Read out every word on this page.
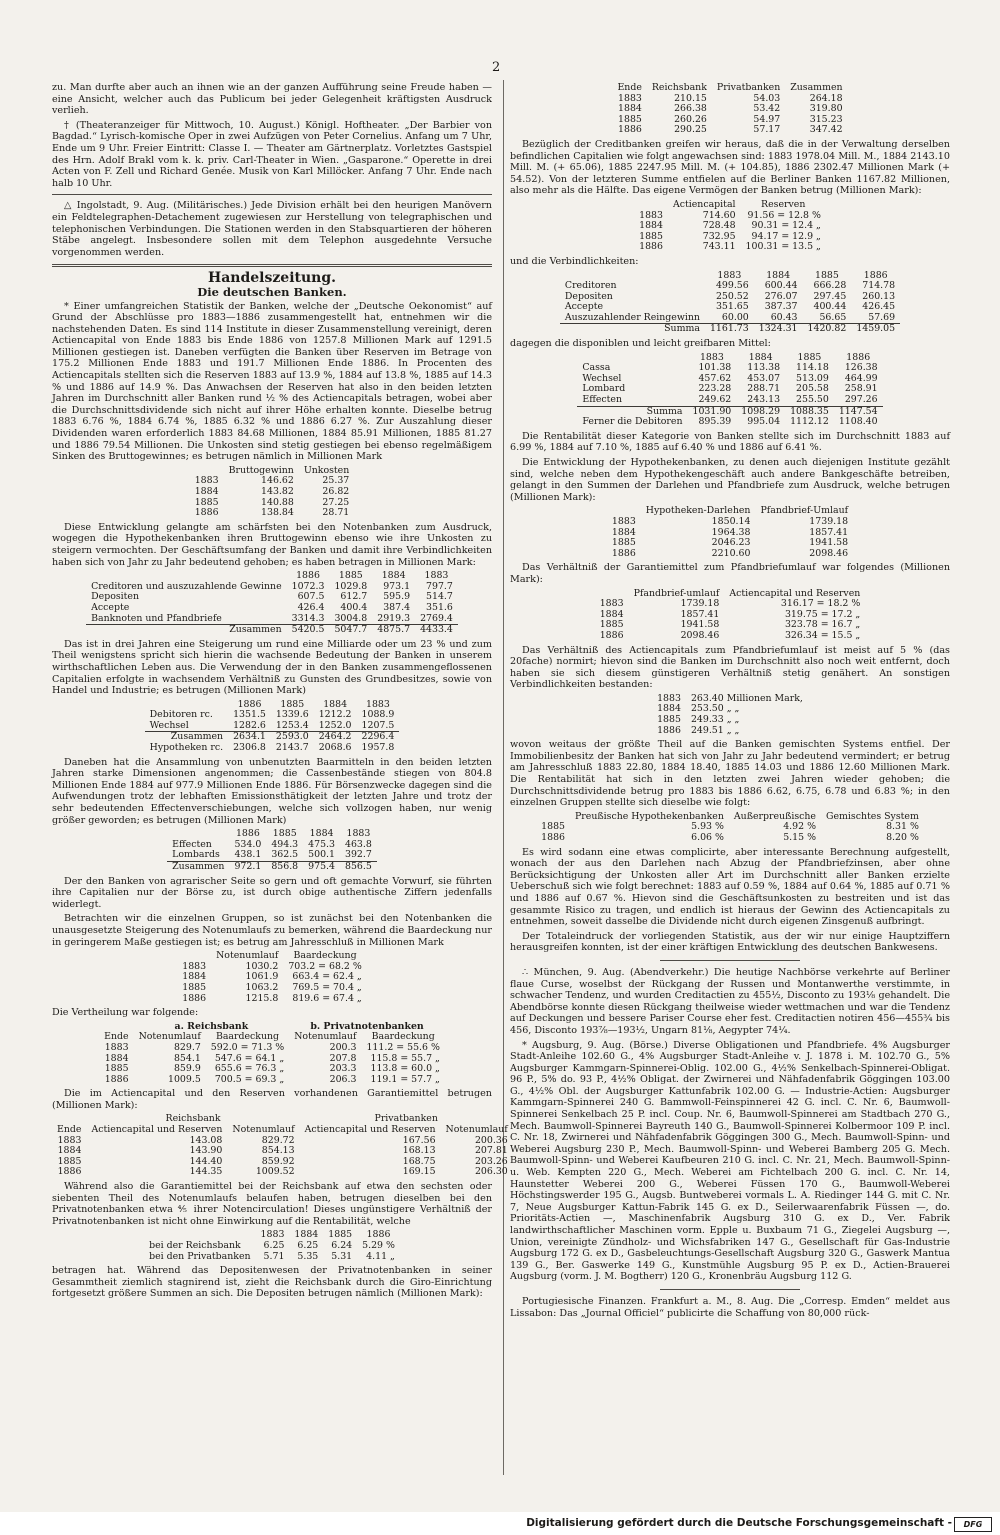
2

zu. Man durfte aber auch an ihnen wie an der ganzen Aufführung seine Freude haben — eine Ansicht, welcher auch das Publicum bei jeder Gelegenheit kräftigsten Ausdruck verlieh.

† (Theateranzeiger für Mittwoch, 10. August.) Königl. Hoftheater. „Der Barbier von Bagdad.“ Lyrisch-komische Oper in zwei Aufzügen von Peter Cornelius. Anfang um 7 Uhr, Ende um 9 Uhr. Freier Eintritt: Classe I. — Theater am Gärtnerplatz. Vorletztes Gastspiel des Hrn. Adolf Brakl vom k. k. priv. Carl-Theater in Wien. „Gasparone.“ Operette in drei Acten von F. Zell und Richard Genée. Musik von Karl Millöcker. Anfang 7 Uhr. Ende nach halb 10 Uhr.

△ Ingolstadt, 9. Aug. (Militärisches.) Jede Division erhält bei den heurigen Manövern ein Feldtelegraphen-Detachement zugewiesen zur Herstellung von telegraphischen und telephonischen Verbindungen. Die Stationen werden in den Stabsquartieren der höheren Stäbe angelegt. Insbesondere sollen mit dem Telephon ausgedehnte Versuche vorgenommen werden.

Handelszeitung.
Die deutschen Banken.

* Einer umfangreichen Statistik der Banken, welche der „Deutsche Oekonomist“ auf Grund der Abschlüsse pro 1883—1886 zusammengestellt hat, entnehmen wir die nachstehenden Daten. Es sind 114 Institute in dieser Zusammenstellung vereinigt, deren Actiencapital von Ende 1883 bis Ende 1886 von 1257.8 Millionen Mark auf 1291.5 Millionen gestiegen ist. Daneben verfügten die Banken über Reserven im Betrage von 175.2 Millionen Ende 1883 und 191.7 Millionen Ende 1886. In Procenten des Actiencapitals stellten sich die Reserven 1883 auf 13.9 %, 1884 auf 13.8 %, 1885 auf 14.3 % und 1886 auf 14.9 %. Das Anwachsen der Reserven hat also in den beiden letzten Jahren im Durchschnitt aller Banken rund ½ % des Actiencapitals betragen, wobei aber die Durchschnittsdividende sich nicht auf ihrer Höhe erhalten konnte. Dieselbe betrug 1883 6.76 %, 1884 6.74 %, 1885 6.32 % und 1886 6.27 %. Zur Auszahlung dieser Dividenden waren erforderlich 1883 84.68 Millionen, 1884 85.91 Millionen, 1885 81.27 und 1886 79.54 Millionen. Die Unkosten sind stetig gestiegen bei ebenso regelmäßigem Sinken des Bruttogewinnes; es betrugen nämlich in Millionen Mark

	Bruttogewinn	Unkosten
1883	146.62	25.37
1884	143.82	26.82
1885	140.88	27.25
1886	138.84	28.71

Diese Entwicklung gelangte am schärfsten bei den Notenbanken zum Ausdruck, wogegen die Hypothekenbanken ihren Bruttogewinn ebenso wie ihre Unkosten zu steigern vermochten. Der Geschäftsumfang der Banken und damit ihre Verbindlichkeiten haben sich von Jahr zu Jahr bedeutend gehoben; es haben betragen in Millionen Mark:

	1886	1885	1884	1883
Creditoren und auszuzahlende Gewinne	1072.3	1029.8	973.1	797.7
Depositen	607.5	612.7	595.9	514.7
Accepte	426.4	400.4	387.4	351.6
Banknoten und Pfandbriefe	3314.3	3004.8	2919.3	2769.4
Zusammen	5420.5	5047.7	4875.7	4433.4

Das ist in drei Jahren eine Steigerung um rund eine Milliarde oder um 23 % und zum Theil wenigstens spricht sich hierin die wachsende Bedeutung der Banken in unserem wirthschaftlichen Leben aus. Die Verwendung der in den Banken zusammengeflossenen Capitalien erfolgte in wachsendem Verhältniß zu Gunsten des Grundbesitzes, sowie von Handel und Industrie; es betrugen (Millionen Mark)

	1886	1885	1884	1883
Debitoren rc.	1351.5	1339.6	1212.2	1088.9
Wechsel	1282.6	1253.4	1252.0	1207.5
Zusammen	2634.1	2593.0	2464.2	2296.4
Hypotheken rc.	2306.8	2143.7	2068.6	1957.8

Daneben hat die Ansammlung von unbenutzten Baarmitteln in den beiden letzten Jahren starke Dimensionen angenommen; die Cassenbestände stiegen von 804.8 Millionen Ende 1884 auf 977.9 Millionen Ende 1886. Für Börsenzwecke dagegen sind die Aufwendungen trotz der lebhaften Emissionsthätigkeit der letzten Jahre und trotz der sehr bedeutenden Effectenverschiebungen, welche sich vollzogen haben, nur wenig größer geworden; es betrugen (Millionen Mark)

	1886	1885	1884	1883
Effecten	534.0	494.3	475.3	463.8
Lombards	438.1	362.5	500.1	392.7
Zusammen	972.1	856.8	975.4	856.5

Der den Banken von agrarischer Seite so gern und oft gemachte Vorwurf, sie führten ihre Capitalien nur der Börse zu, ist durch obige authentische Ziffern jedenfalls widerlegt.

Betrachten wir die einzelnen Gruppen, so ist zunächst bei den Notenbanken die unausgesetzte Steigerung des Notenumlaufs zu bemerken, während die Baardeckung nur in geringerem Maße gestiegen ist; es betrug am Jahresschluß in Millionen Mark

	Notenumlauf	Baardeckung
1883	1030.2	703.2 = 68.2 %
1884	1061.9	663.4 = 62.4 „
1885	1063.2	769.5 = 70.4 „
1886	1215.8	819.6 = 67.4 „

Die Vertheilung war folgende:

	a. Reichsbank		b. Privatnotenbanken	
Ende	Notenumlauf	Baardeckung	Notenumlauf	Baardeckung
1883	829.7	592.0 = 71.3 %	200.3	111.2 = 55.6 %
1884	854.1	547.6 = 64.1 „	207.8	115.8 = 55.7 „
1885	859.9	655.6 = 76.3 „	203.3	113.8 = 60.0 „
1886	1009.5	700.5 = 69.3 „	206.3	119.1 = 57.7 „

Die im Actiencapital und den Reserven vorhandenen Garantiemittel betrugen (Millionen Mark):

	Reichsbank		Privatbanken	
Ende	Actiencapital und Reserven	Notenumlauf	Actiencapital und Reserven	Notenumlauf
1883	143.08	829.72	167.56	200.36
1884	143.90	854.13	168.13	207.81
1885	144.40	859.92	168.75	203.26
1886	144.35	1009.52	169.15	206.30

Während also die Garantiemittel bei der Reichsbank auf etwa den sechsten oder siebenten Theil des Notenumlaufs belaufen haben, betrugen dieselben bei den Privatnotenbanken etwa ⅘ ihrer Notencirculation! Dieses ungünstigere Verhältniß der Privatnotenbanken ist nicht ohne Einwirkung auf die Rentabilität, welche

	1883	1884	1885	1886
bei der Reichsbank	6.25	6.25	6.24	5.29 %
bei den Privatbanken	5.71	5.35	5.31	4.11 „

betragen hat. Während das Depositenwesen der Privatnotenbanken in seiner Gesammtheit ziemlich stagnirend ist, zieht die Reichsbank durch die Giro-Einrichtung fortgesetzt größere Summen an sich. Die Depositen betrugen nämlich (Millionen Mark):

Ende	Reichsbank	Privatbanken	Zusammen
1883	210.15	54.03	264.18
1884	266.38	53.42	319.80
1885	260.26	54.97	315.23
1886	290.25	57.17	347.42

Bezüglich der Creditbanken greifen wir heraus, daß die in der Verwaltung derselben befindlichen Capitalien wie folgt angewachsen sind: 1883 1978.04 Mill. M., 1884 2143.10 Mill. M. (+ 65.06), 1885 2247.95 Mill. M. (+ 104.85), 1886 2302.47 Millionen Mark (+ 54.52). Von der letzteren Summe entfielen auf die Berliner Banken 1167.82 Millionen, also mehr als die Hälfte. Das eigene Vermögen der Banken betrug (Millionen Mark):

	Actiencapital	Reserven
1883	714.60	91.56 = 12.8 %
1884	728.48	90.31 = 12.4 „
1885	732.95	94.17 = 12.9 „
1886	743.11	100.31 = 13.5 „

und die Verbindlichkeiten:

	1883	1884	1885	1886
Creditoren	499.56	600.44	666.28	714.78
Depositen	250.52	276.07	297.45	260.13
Accepte	351.65	387.37	400.44	426.45
Auszuzahlender Reingewinn	60.00	60.43	56.65	57.69
Summa	1161.73	1324.31	1420.82	1459.05

dagegen die disponiblen und leicht greifbaren Mittel:

	1883	1884	1885	1886
Cassa	101.38	113.38	114.18	126.38
Wechsel	457.62	453.07	513.09	464.99
Lombard	223.28	288.71	205.58	258.91
Effecten	249.62	243.13	255.50	297.26
Summa	1031.90	1098.29	1088.35	1147.54
Ferner die Debitoren	895.39	995.04	1112.12	1108.40

Die Rentabilität dieser Kategorie von Banken stellte sich im Durchschnitt 1883 auf 6.99 %, 1884 auf 7.10 %, 1885 auf 6.40 % und 1886 auf 6.41 %.

Die Entwicklung der Hypothekenbanken, zu denen auch diejenigen Institute gezählt sind, welche neben dem Hypothekengeschäft auch andere Bankgeschäfte betreiben, gelangt in den Summen der Darlehen und Pfandbriefe zum Ausdruck, welche betrugen (Millionen Mark):

	Hypotheken-Darlehen	Pfandbrief-Umlauf
1883	1850.14	1739.18
1884	1964.38	1857.41
1885	2046.23	1941.58
1886	2210.60	2098.46

Das Verhältniß der Garantiemittel zum Pfandbriefumlauf war folgendes (Millionen Mark):

	Pfandbrief-umlauf	Actiencapital und Reserven
1883	1739.18	316.17 = 18.2 %
1884	1857.41	319.75 = 17.2 „
1885	1941.58	323.78 = 16.7 „
1886	2098.46	326.34 = 15.5 „

Das Verhältniß des Actiencapitals zum Pfandbriefumlauf ist meist auf 5 % (das 20fache) normirt; hievon sind die Banken im Durchschnitt also noch weit entfernt, doch haben sie sich diesem günstigeren Verhältniß stetig genähert. An sonstigen Verbindlichkeiten bestanden:

1883	263.40 Millionen Mark,
1884	253.50 „ „
1885	249.33 „ „
1886	249.51 „ „

wovon weitaus der größte Theil auf die Banken gemischten Systems entfiel. Der Immobilienbesitz der Banken hat sich von Jahr zu Jahr bedeutend vermindert; er betrug am Jahresschluß 1883 22.80, 1884 18.40, 1885 14.03 und 1886 12.60 Millionen Mark. Die Rentabilität hat sich in den letzten zwei Jahren wieder gehoben; die Durchschnittsdividende betrug pro 1883 bis 1886 6.62, 6.75, 6.78 und 6.83 %; in den einzelnen Gruppen stellte sich dieselbe wie folgt:

	Preußische Hypothekenbanken	Außerpreußische	Gemischtes System
1885	5.93 %	4.92 %	8.31 %
1886	6.06 %	5.15 %	8.20 %

Es wird sodann eine etwas complicirte, aber interessante Berechnung aufgestellt, wonach der aus den Darlehen nach Abzug der Pfandbriefzinsen, aber ohne Berücksichtigung der Unkosten aller Art im Durchschnitt aller Banken erzielte Ueberschuß sich wie folgt berechnet: 1883 auf 0.59 %, 1884 auf 0.64 %, 1885 auf 0.71 % und 1886 auf 0.67 %. Hievon sind die Geschäftsunkosten zu bestreiten und ist das gesammte Risico zu tragen, und endlich ist hieraus der Gewinn des Actiencapitals zu entnehmen, soweit dasselbe die Dividende nicht durch eigenen Zinsgenuß aufbringt.

Der Totaleindruck der vorliegenden Statistik, aus der wir nur einige Hauptziffern herausgreifen konnten, ist der einer kräftigen Entwicklung des deutschen Bankwesens.

∴ München, 9. Aug. (Abendverkehr.) Die heutige Nachbörse verkehrte auf Berliner flaue Curse, woselbst der Rückgang der Russen und Montanwerthe verstimmte, in schwacher Tendenz, und wurden Creditactien zu 455½, Disconto zu 193⅛ gehandelt. Die Abendbörse konnte diesen Rückgang theilweise wieder wettmachen und war die Tendenz auf Deckungen und bessere Pariser Course eher fest. Creditactien notiren 456—455¾ bis 456, Disconto 193⅞—193½, Ungarn 81⅛, Aegypter 74¼.

* Augsburg, 9. Aug. (Börse.) Diverse Obligationen und Pfandbriefe. 4% Augsburger Stadt-Anleihe 102.60 G., 4% Augsburger Stadt-Anleihe v. J. 1878 i. M. 102.70 G., 5% Augsburger Kammgarn-Spinnerei-Oblig. 102.00 G., 4½% Senkelbach-Spinnerei-Obligat. 96 P., 5% do. 93 P., 4½% Obligat. der Zwirnerei und Nähfadenfabrik Göggingen 103.00 G., 4½% Obl. der Augsburger Kattunfabrik 102.00 G. — Industrie-Actien: Augsburger Kammgarn-Spinnerei 240 G. Bammwoll-Feinspinnerei 42 G. incl. C. Nr. 6, Baumwoll-Spinnerei Senkelbach 25 P. incl. Coup. Nr. 6, Baumwoll-Spinnerei am Stadtbach 270 G., Mech. Baumwoll-Spinnerei Bayreuth 140 G., Baumwoll-Spinnerei Kolbermoor 109 P. incl. C. Nr. 18, Zwirnerei und Nähfadenfabrik Göggingen 300 G., Mech. Baumwoll-Spinn- und Weberei Augsburg 230 P., Mech. Baumwoll-Spinn- und Weberei Bamberg 205 G. Mech. Baumwoll-Spinn- und Weberei Kaufbeuren 210 G. incl. C. Nr. 21, Mech. Baumwoll-Spinn- u. Web. Kempten 220 G., Mech. Weberei am Fichtelbach 200 G. incl. C. Nr. 14, Haunstetter Weberei 200 G., Weberei Füssen 170 G., Baumwoll-Weberei Höchstingswerder 195 G., Augsb. Buntweberei vormals L. A. Riedinger 144 G. mit C. Nr. 7, Neue Augsburger Kattun-Fabrik 145 G. ex D., Seilerwaarenfabrik Füssen —, do. Prioritäts-Actien —, Maschinenfabrik Augsburg 310 G. ex D., Ver. Fabrik landwirthschaftlicher Maschinen vorm. Epple u. Buxbaum 71 G., Ziegelei Augsburg —, Union, vereinigte Zündholz- und Wichsfabriken 147 G., Gesellschaft für Gas-Industrie Augsburg 172 G. ex D., Gasbeleuchtungs-Gesellschaft Augsburg 320 G., Gaswerk Mantua 139 G., Ber. Gaswerke 149 G., Kunstmühle Augsburg 95 P. ex D., Actien-Brauerei Augsburg (vorm. J. M. Bogtherr) 120 G., Kronenbräu Augsburg 112 G.

Portugiesische Finanzen. Frankfurt a. M., 8. Aug. Die „Corresp. Emden“ meldet aus Lissabon: Das „Journal Officiel“ publicirte die Schaffung von 80,000 rück-

Digitalisierung gefördert durch die Deutsche Forschungsgemeinschaft -	DFG
